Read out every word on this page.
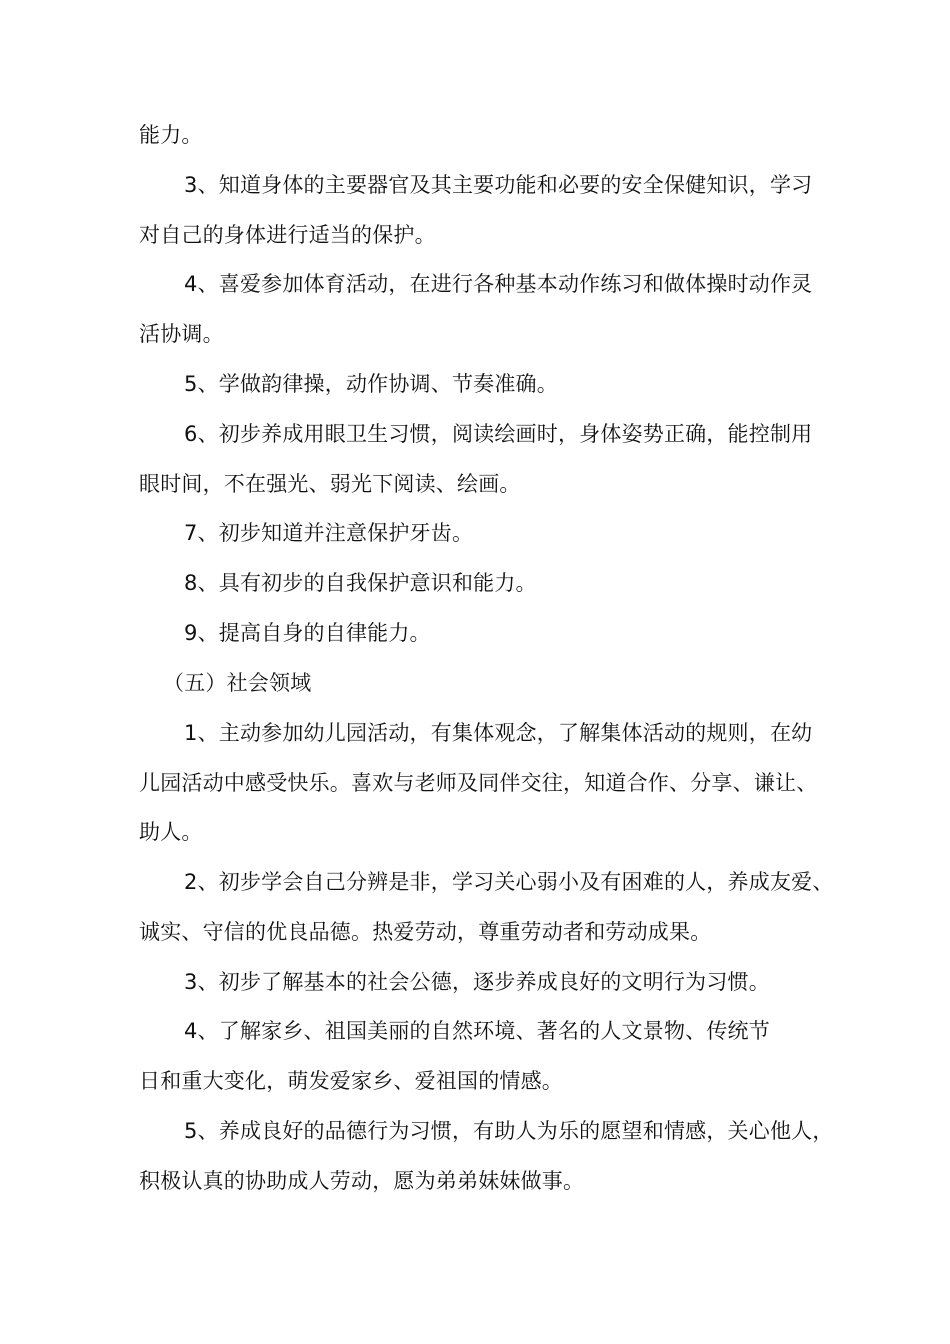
能力。

3、知道身体的主要器官及其主要功能和必要的安全保健知识，学习

对自己的身体进行适当的保护。

4、喜爱参加体育活动，在进行各种基本动作练习和做体操时动作灵

活协调。

5、学做韵律操，动作协调、节奏准确。

6、初步养成用眼卫生习惯，阅读绘画时，身体姿势正确，能控制用

眼时间，不在强光、弱光下阅读、绘画。

7、初步知道并注意保护牙齿。

8、具有初步的自我保护意识和能力。

9、提高自身的自律能力。

（五）社会领域

1、主动参加幼儿园活动，有集体观念，了解集体活动的规则，在幼

儿园活动中感受快乐。喜欢与老师及同伴交往，知道合作、分享、谦让、

助人。

2、初步学会自己分辨是非，学习关心弱小及有困难的人，养成友爱、

诚实、守信的优良品德。热爱劳动，尊重劳动者和劳动成果。

3、初步了解基本的社会公德，逐步养成良好的文明行为习惯。

4、了解家乡、祖国美丽的自然环境、著名的人文景物、传统节

日和重大变化，萌发爱家乡、爱祖国的情感。

5、养成良好的品德行为习惯，有助人为乐的愿望和情感，关心他人，

积极认真的协助成人劳动，愿为弟弟妹妹做事。
